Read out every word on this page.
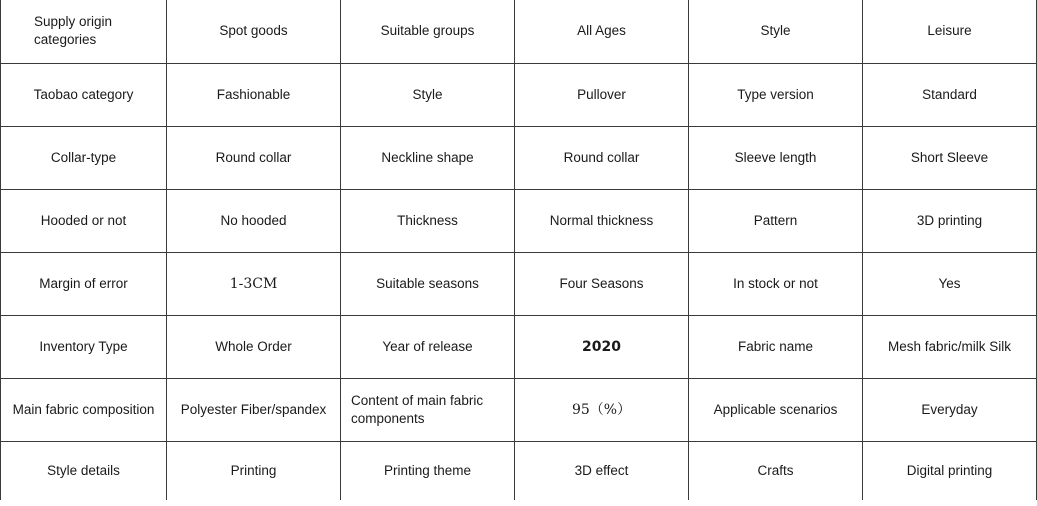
Supply origin categories	Spot goods	Suitable groups	All Ages	Style	Leisure
Taobao category	Fashionable	Style	Pullover	Type version	Standard
Collar-type	Round collar	Neckline shape	Round collar	Sleeve length	Short Sleeve
Hooded or not	No hooded	Thickness	Normal thickness	Pattern	3D printing
Margin of error	1-3CM	Suitable seasons	Four Seasons	In stock or not	Yes
Inventory Type	Whole Order	Year of release	2020	Fabric name	Mesh fabric/milk Silk
Main fabric composition	Polyester Fiber/spandex	Content of main fabric components	95（%）	Applicable scenarios	Everyday
Style details	Printing	Printing theme	3D effect	Crafts	Digital printing
